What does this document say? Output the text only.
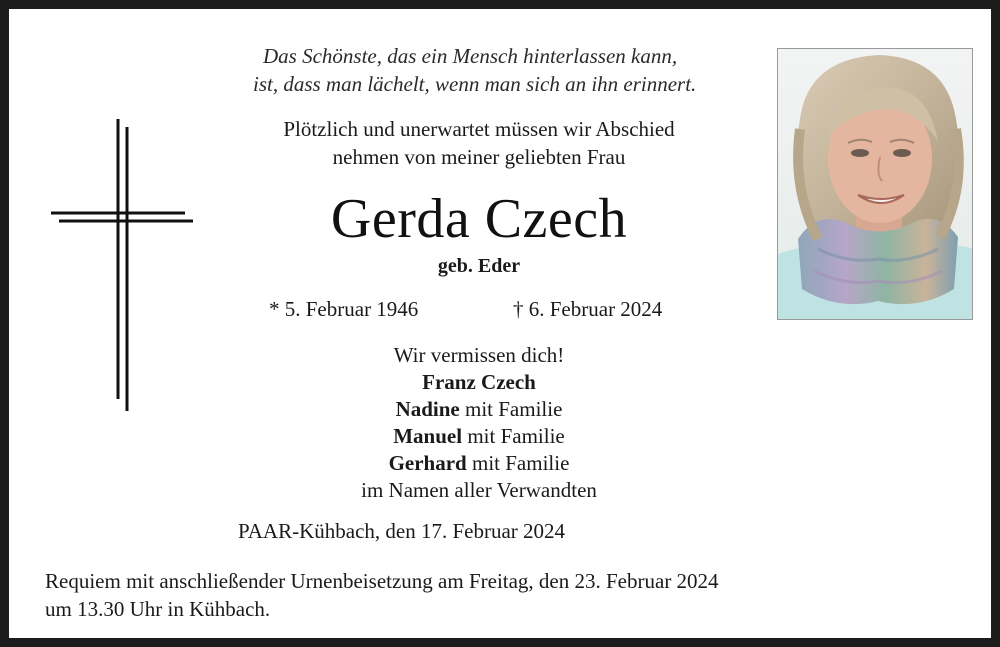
Das Schönste, das ein Mensch hinterlassen kann,
ist, dass man lächelt, wenn man sich an ihn erinnert.
Plötzlich und unerwartet müssen wir Abschied
nehmen von meiner geliebten Frau
Gerda Czech
geb. Eder
* 5. Februar 1946	† 6. Februar 2024
Wir vermissen dich!
Franz Czech
Nadine mit Familie
Manuel mit Familie
Gerhard mit Familie
im Namen aller Verwandten
PAAR-Kühbach, den 17. Februar 2024
Requiem mit anschließender Urnenbeisetzung am Freitag, den 23. Februar 2024
um 13.30 Uhr in Kühbach.
